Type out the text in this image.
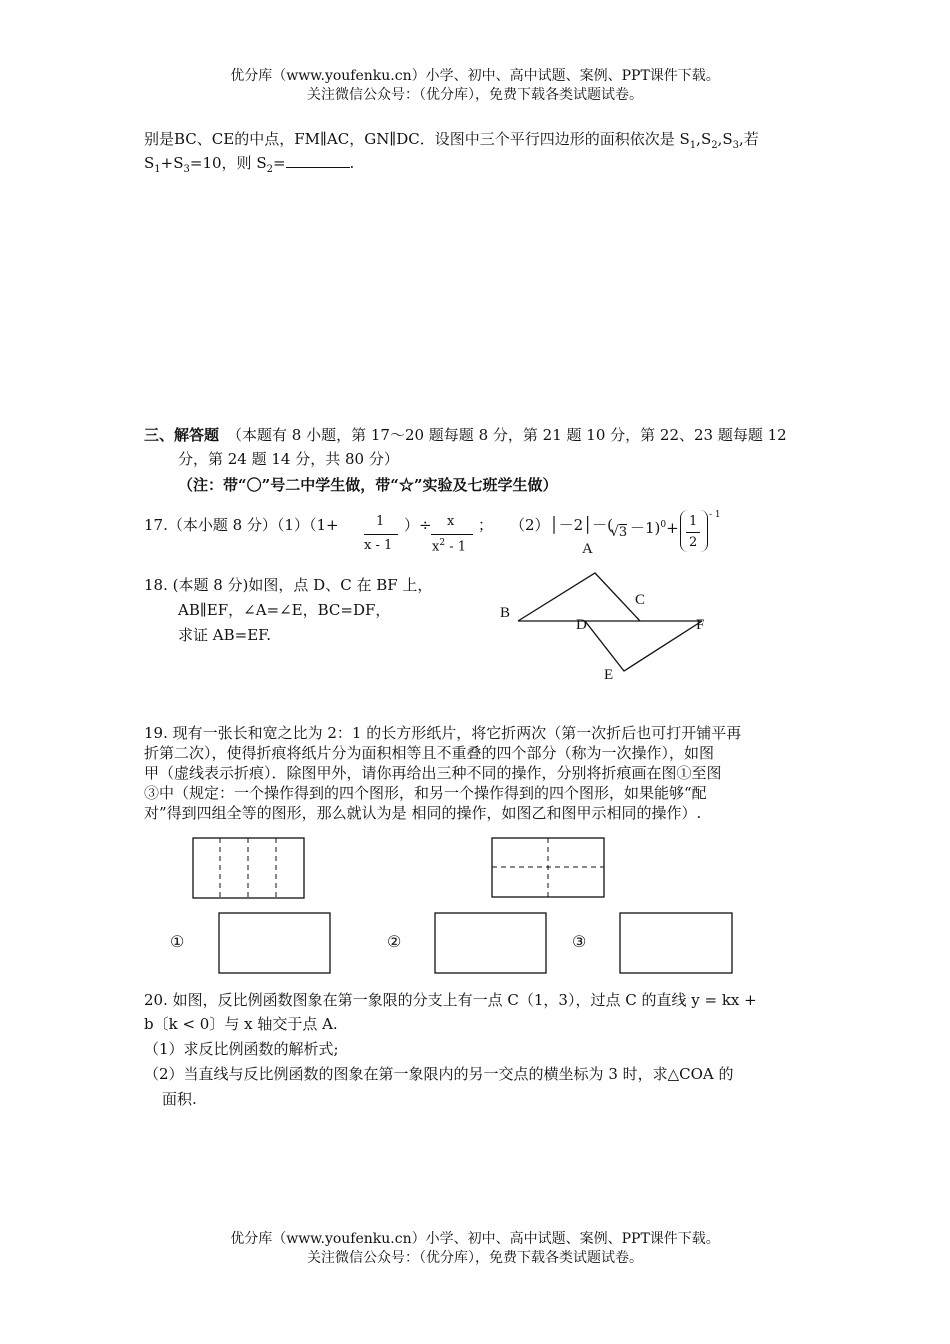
优分库（www.youfenku.cn）小学、初中、高中试题、案例、PPT课件下载。
关注微信公众号：（优分库），免费下载各类试题试卷。
别是BC、CE的中点，FM∥AC，GN∥DC．设图中三个平行四边形的面积依次是 $S_1,S_2,S_3$,若
$S_1+S_3=10$，则 $S_2=$	.
三、解答题 （本题有 8 小题，第 17～20 题每题 8 分，第 21 题 10 分，第 22、23 题每题 12
分，第 24 题 14 分，共 80 分）
（注：带“〇”号二中学生做，带“☆”实验及七班学生做）
17.（本小题 8 分）（1）（1+	1
x - 1
）÷ x
$x^2 - 1$
； （2）│－2│－(
√3 －1)$^0$+ 1
2
- 1
18. (本题 8 分)如图，点 D、C 在 BF 上，
AB∥EF，∠A=∠E，BC=DF，
求证 AB=EF.
A
B
C
D
E
F
19. 现有一张长和宽之比为 2：1 的长方形纸片，将它折两次（第一次折后也可打开铺平再
折第二次），使得折痕将纸片分为面积相等且不重叠的四个部分（称为一次操作），如图
甲（虚线表示折痕）．除图甲外，请你再给出三种不同的操作，分别将折痕画在图①至图
③中（规定：一个操作得到的四个图形，和另一个操作得到的四个图形，如果能够“配
对”得到四组全等的图形，那么就认为是 相同的操作，如图乙和图甲示相同的操作）.
①	②	③
20. 如图，反比例函数图象在第一象限的分支上有一点 C（1，3），过点 C 的直线 y = kx +
b〔k < 0〕与 x 轴交于点 A.
（1）求反比例函数的解析式;
（2）当直线与反比例函数的图象在第一象限内的另一交点的横坐标为 3 时，求△COA 的
面积.
优分库（www.youfenku.cn）小学、初中、高中试题、案例、PPT课件下载。
关注微信公众号：（优分库），免费下载各类试题试卷。
